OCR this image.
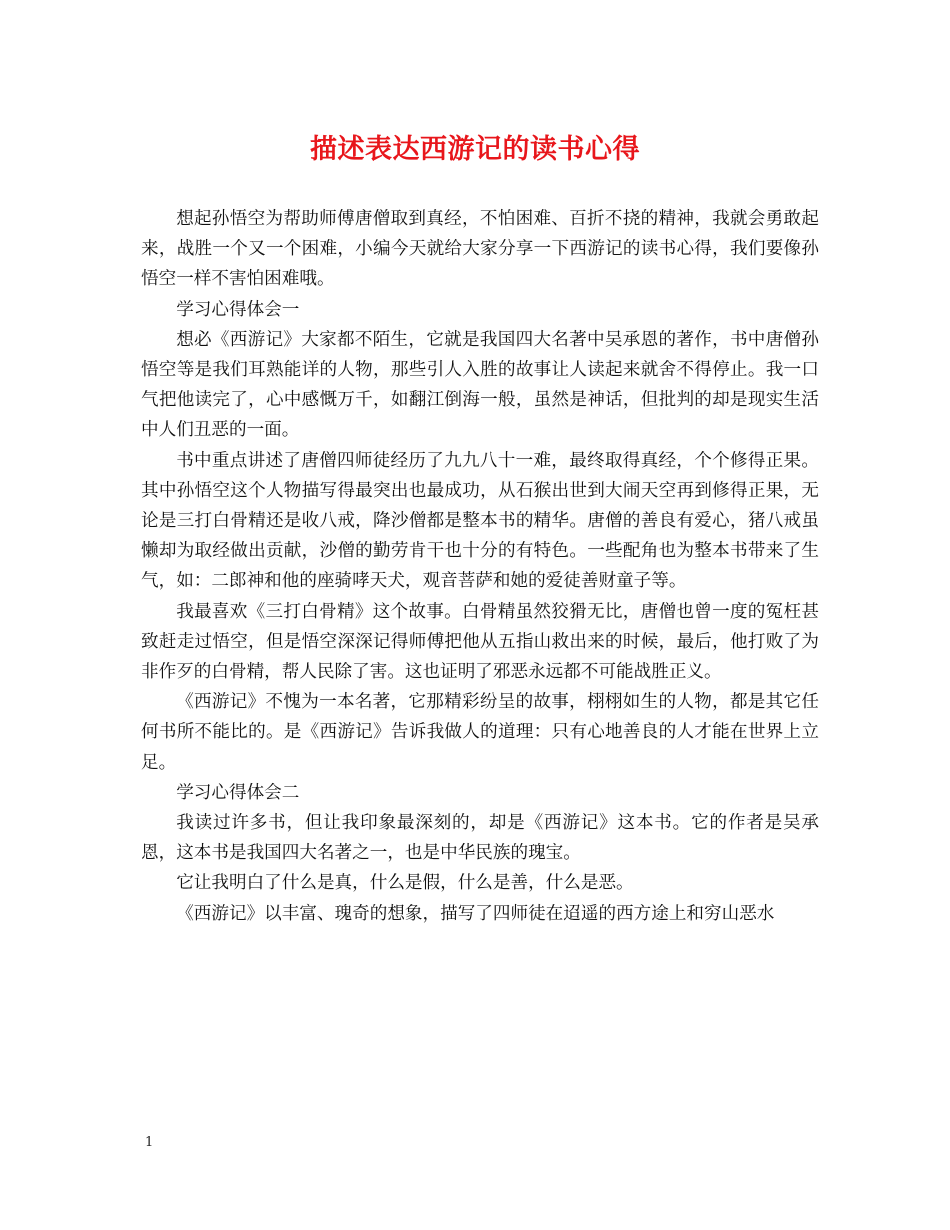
描述表达西游记的读书心得

想起孙悟空为帮助师傅唐僧取到真经，不怕困难、百折不挠的精神，我就会勇敢起来，战胜一个又一个困难，小编今天就给大家分享一下西游记的读书心得，我们要像孙悟空一样不害怕困难哦。

学习心得体会一

想必《西游记》大家都不陌生，它就是我国四大名著中吴承恩的著作，书中唐僧孙悟空等是我们耳熟能详的人物，那些引人入胜的故事让人读起来就舍不得停止。我一口气把他读完了，心中感慨万千，如翻江倒海一般，虽然是神话，但批判的却是现实生活中人们丑恶的一面。

书中重点讲述了唐僧四师徒经历了九九八十一难，最终取得真经，个个修得正果。其中孙悟空这个人物描写得最突出也最成功，从石猴出世到大闹天空再到修得正果，无论是三打白骨精还是收八戒，降沙僧都是整本书的精华。唐僧的善良有爱心，猪八戒虽懒却为取经做出贡献，沙僧的勤劳肯干也十分的有特色。一些配角也为整本书带来了生气，如：二郎神和他的座骑哮天犬，观音菩萨和她的爱徒善财童子等。

我最喜欢《三打白骨精》这个故事。白骨精虽然狡猾无比，唐僧也曾一度的冤枉甚致赶走过悟空，但是悟空深深记得师傅把他从五指山救出来的时候，最后，他打败了为非作歹的白骨精，帮人民除了害。这也证明了邪恶永远都不可能战胜正义。

《西游记》不愧为一本名著，它那精彩纷呈的故事，栩栩如生的人物，都是其它任何书所不能比的。是《西游记》告诉我做人的道理：只有心地善良的人才能在世界上立足。

学习心得体会二

我读过许多书，但让我印象最深刻的，却是《西游记》这本书。它的作者是吴承恩，这本书是我国四大名著之一，也是中华民族的瑰宝。

它让我明白了什么是真，什么是假，什么是善，什么是恶。

《西游记》以丰富、瑰奇的想象，描写了四师徒在迢遥的西方途上和穷山恶水

1
